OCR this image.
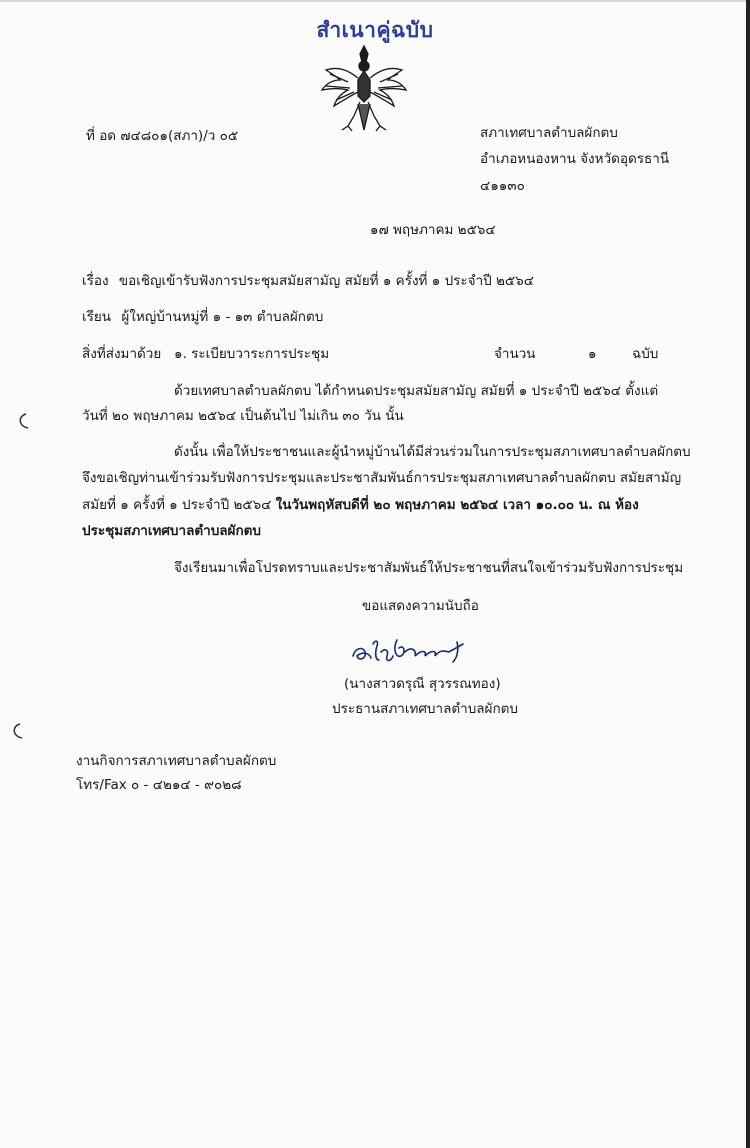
สำเนาคู่ฉบับ
ที่ อด ๗๔๘๐๑(สภา)/ว ๐๕	สภาเทศบาลตำบลผักตบ
อำเภอหนองหาน จังหวัดอุดรธานี
๔๑๑๓๐
๑๗ พฤษภาคม ๒๕๖๔
เรื่อง ขอเชิญเข้ารับฟังการประชุมสมัยสามัญ สมัยที่ ๑ ครั้งที่ ๑ ประจำปี ๒๕๖๔
เรียน ผู้ใหญ่บ้านหมู่ที่ ๑ - ๑๓ ตำบลผักตบ
สิ่งที่ส่งมาด้วย ๑. ระเบียบวาระการประชุม	จำนวน	๑	ฉบับ
ด้วยเทศบาลตำบลผักตบ ได้กำหนดประชุมสมัยสามัญ สมัยที่ ๑ ประจำปี ๒๕๖๔ ตั้งแต่
วันที่ ๒๐ พฤษภาคม ๒๕๖๔ เป็นต้นไป ไม่เกิน ๓๐ วัน นั้น
ดังนั้น เพื่อให้ประชาชนและผู้นำหมู่บ้านได้มีส่วนร่วมในการประชุมสภาเทศบาลตำบลผักตบ
จึงขอเชิญท่านเข้าร่วมรับฟังการประชุมและประชาสัมพันธ์การประชุมสภาเทศบาลตำบลผักตบ สมัยสามัญ
สมัยที่ ๑ ครั้งที่ ๑ ประจำปี ๒๕๖๔ ในวันพฤหัสบดีที่ ๒๐ พฤษภาคม ๒๕๖๔ เวลา ๑๐.๐๐ น. ณ ห้อง
ประชุมสภาเทศบาลตำบลผักตบ
จึงเรียนมาเพื่อโปรดทราบและประชาสัมพันธ์ให้ประชาชนที่สนใจเข้าร่วมรับฟังการประชุม
ขอแสดงความนับถือ
(นางสาวดรุณี สุวรรณทอง)
ประธานสภาเทศบาลตำบลผักตบ
งานกิจการสภาเทศบาลตำบลผักตบ
โทร/Fax ๐ - ๔๒๑๔ - ๙๐๒๘
